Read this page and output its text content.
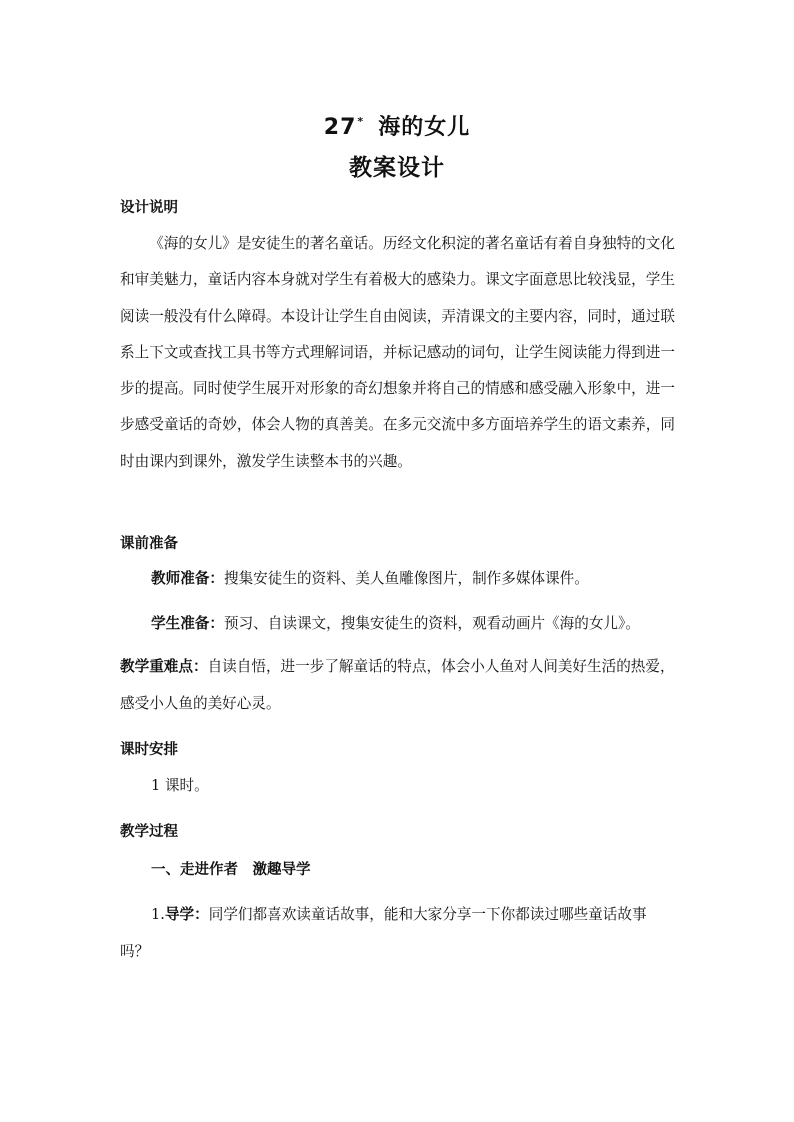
27* 海的女儿
教案设计
设计说明
《海的女儿》是安徒生的著名童话。历经文化积淀的著名童话有着自身独特的文化和审美魅力，童话内容本身就对学生有着极大的感染力。课文字面意思比较浅显，学生阅读一般没有什么障碍。本设计让学生自由阅读，弄清课文的主要内容，同时，通过联系上下文或查找工具书等方式理解词语，并标记感动的词句，让学生阅读能力得到进一步的提高。同时使学生展开对形象的奇幻想象并将自己的情感和感受融入形象中，进一步感受童话的奇妙，体会人物的真善美。在多元交流中多方面培养学生的语文素养，同时由课内到课外，激发学生读整本书的兴趣。
课前准备
教师准备：搜集安徒生的资料、美人鱼雕像图片，制作多媒体课件。
学生准备：预习、自读课文，搜集安徒生的资料，观看动画片《海的女儿》。
教学重难点：自读自悟，进一步了解童话的特点，体会小人鱼对人间美好生活的热爱，感受小人鱼的美好心灵。
课时安排
1 课时。
教学过程
一、走进作者　激趣导学
1.导学：同学们都喜欢读童话故事，能和大家分享一下你都读过哪些童话故事吗？
